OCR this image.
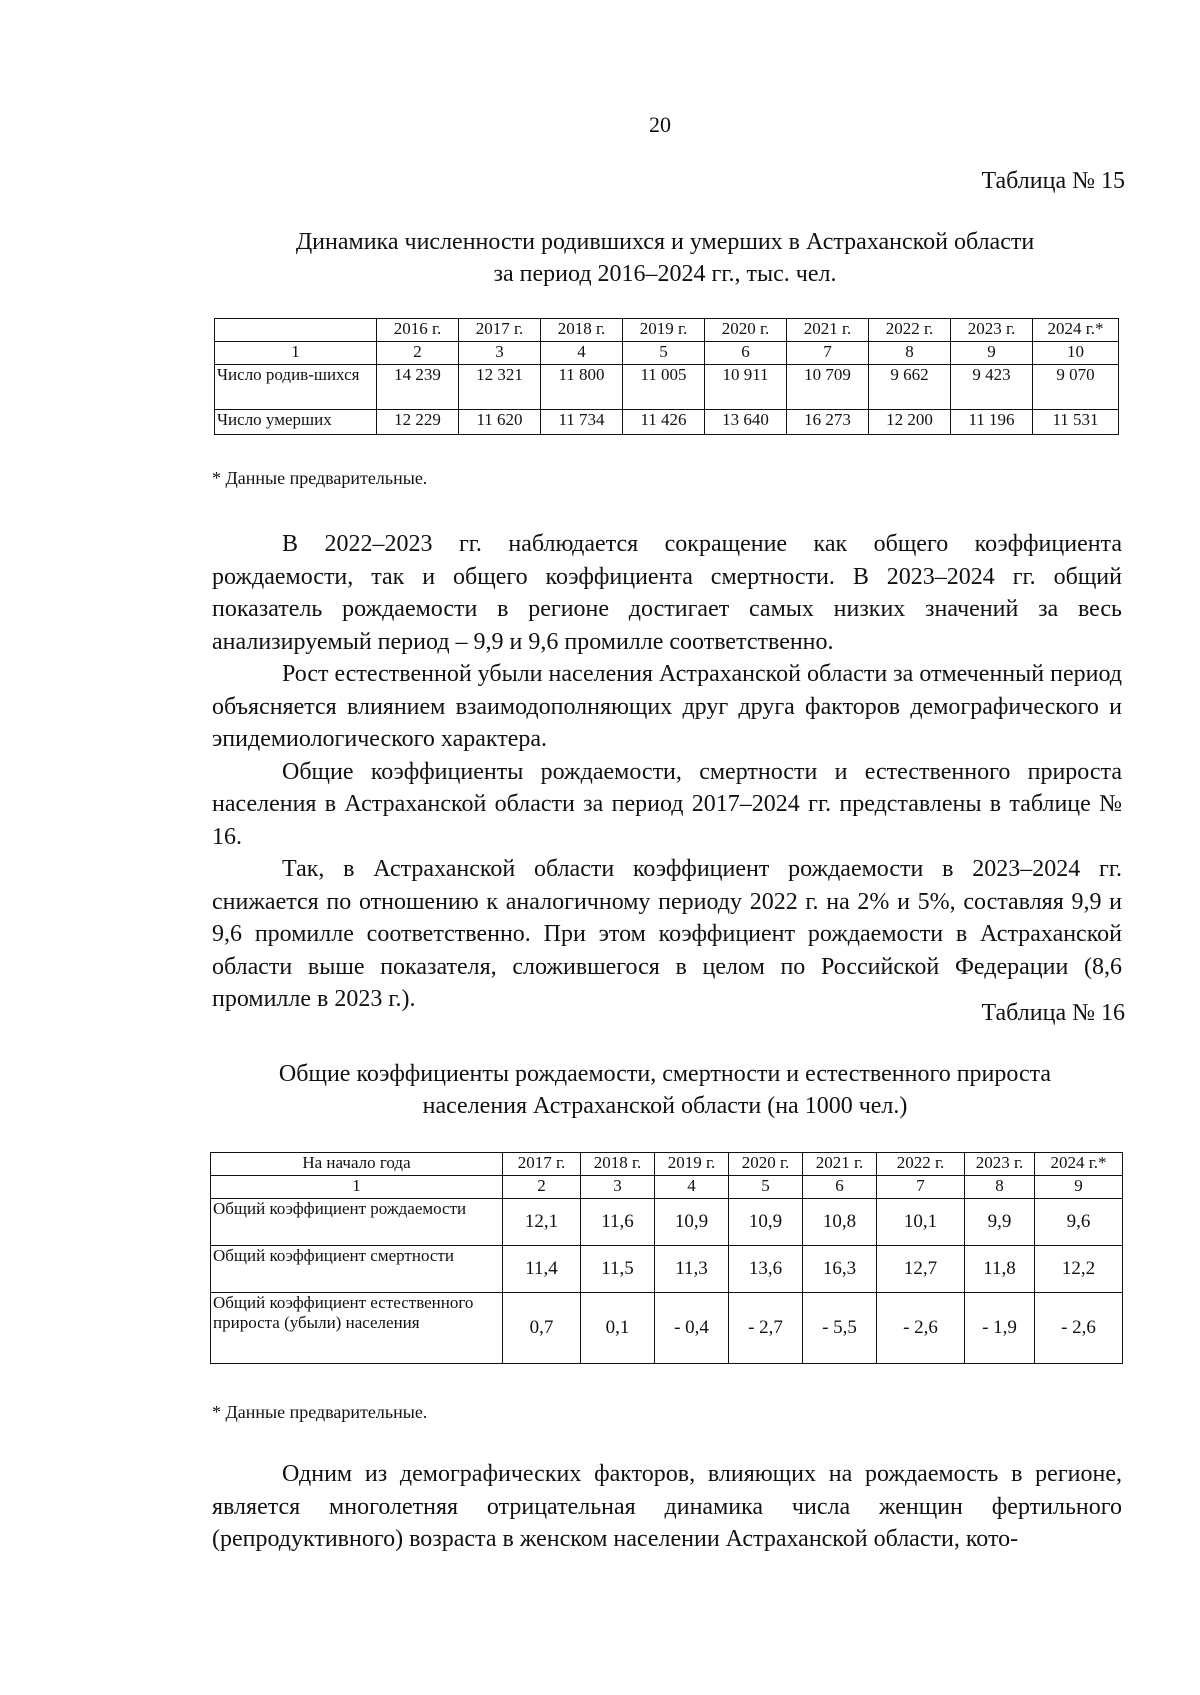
20
Таблица № 15
Динамика численности родившихся и умерших в Астраханской области
за период 2016–2024 гг., тыс. чел.
	2016 г.	2017 г.	2018 г.	2019 г.	2020 г.	2021 г.	2022 г.	2023 г.	2024 г.*
1	2	3	4	5	6	7	8	9	10
Число родив-шихся	14 239	12 321	11 800	11 005	10 911	10 709	9 662	9 423	9 070
Число умерших	12 229	11 620	11 734	11 426	13 640	16 273	12 200	11 196	11 531
* Данные предварительные.

В 2022–2023 гг. наблюдается сокращение как общего коэффициента рождаемости, так и общего коэффициента смертности. В 2023–2024 гг. общий показатель рождаемости в регионе достигает самых низких значений за весь анализируемый период – 9,9 и 9,6 промилле соответственно.

Рост естественной убыли населения Астраханской области за отмеченный период объясняется влиянием взаимодополняющих друг друга факторов демографического и эпидемиологического характера.

Общие коэффициенты рождаемости, смертности и естественного прироста населения в Астраханской области за период 2017–2024 гг. представлены в таблице № 16.

Так, в Астраханской области коэффициент рождаемости в 2023–2024 гг. снижается по отношению к аналогичному периоду 2022 г. на 2% и 5%, составляя 9,9 и 9,6 промилле соответственно. При этом коэффициент рождаемости в Астраханской области выше показателя, сложившегося в целом по Российской Федерации (8,6 промилле в 2023 г.).

Таблица № 16
Общие коэффициенты рождаемости, смертности и естественного прироста
населения Астраханской области (на 1000 чел.)
На начало года	2017 г.	2018 г.	2019 г.	2020 г.	2021 г.	2022 г.	2023 г.	2024 г.*
1	2	3	4	5	6	7	8	9
Общий коэффициент рождаемости	12,1	11,6	10,9	10,9	10,8	10,1	9,9	9,6
Общий коэффициент смертности	11,4	11,5	11,3	13,6	16,3	12,7	11,8	12,2
Общий коэффициент естественного прироста (убыли) населения	0,7	0,1	- 0,4	- 2,7	- 5,5	- 2,6	- 1,9	- 2,6
* Данные предварительные.

Одним из демографических факторов, влияющих на рождаемость в регионе, является многолетняя отрицательная динамика числа женщин фертильного (репродуктивного) возраста в женском населении Астраханской области, кото-
